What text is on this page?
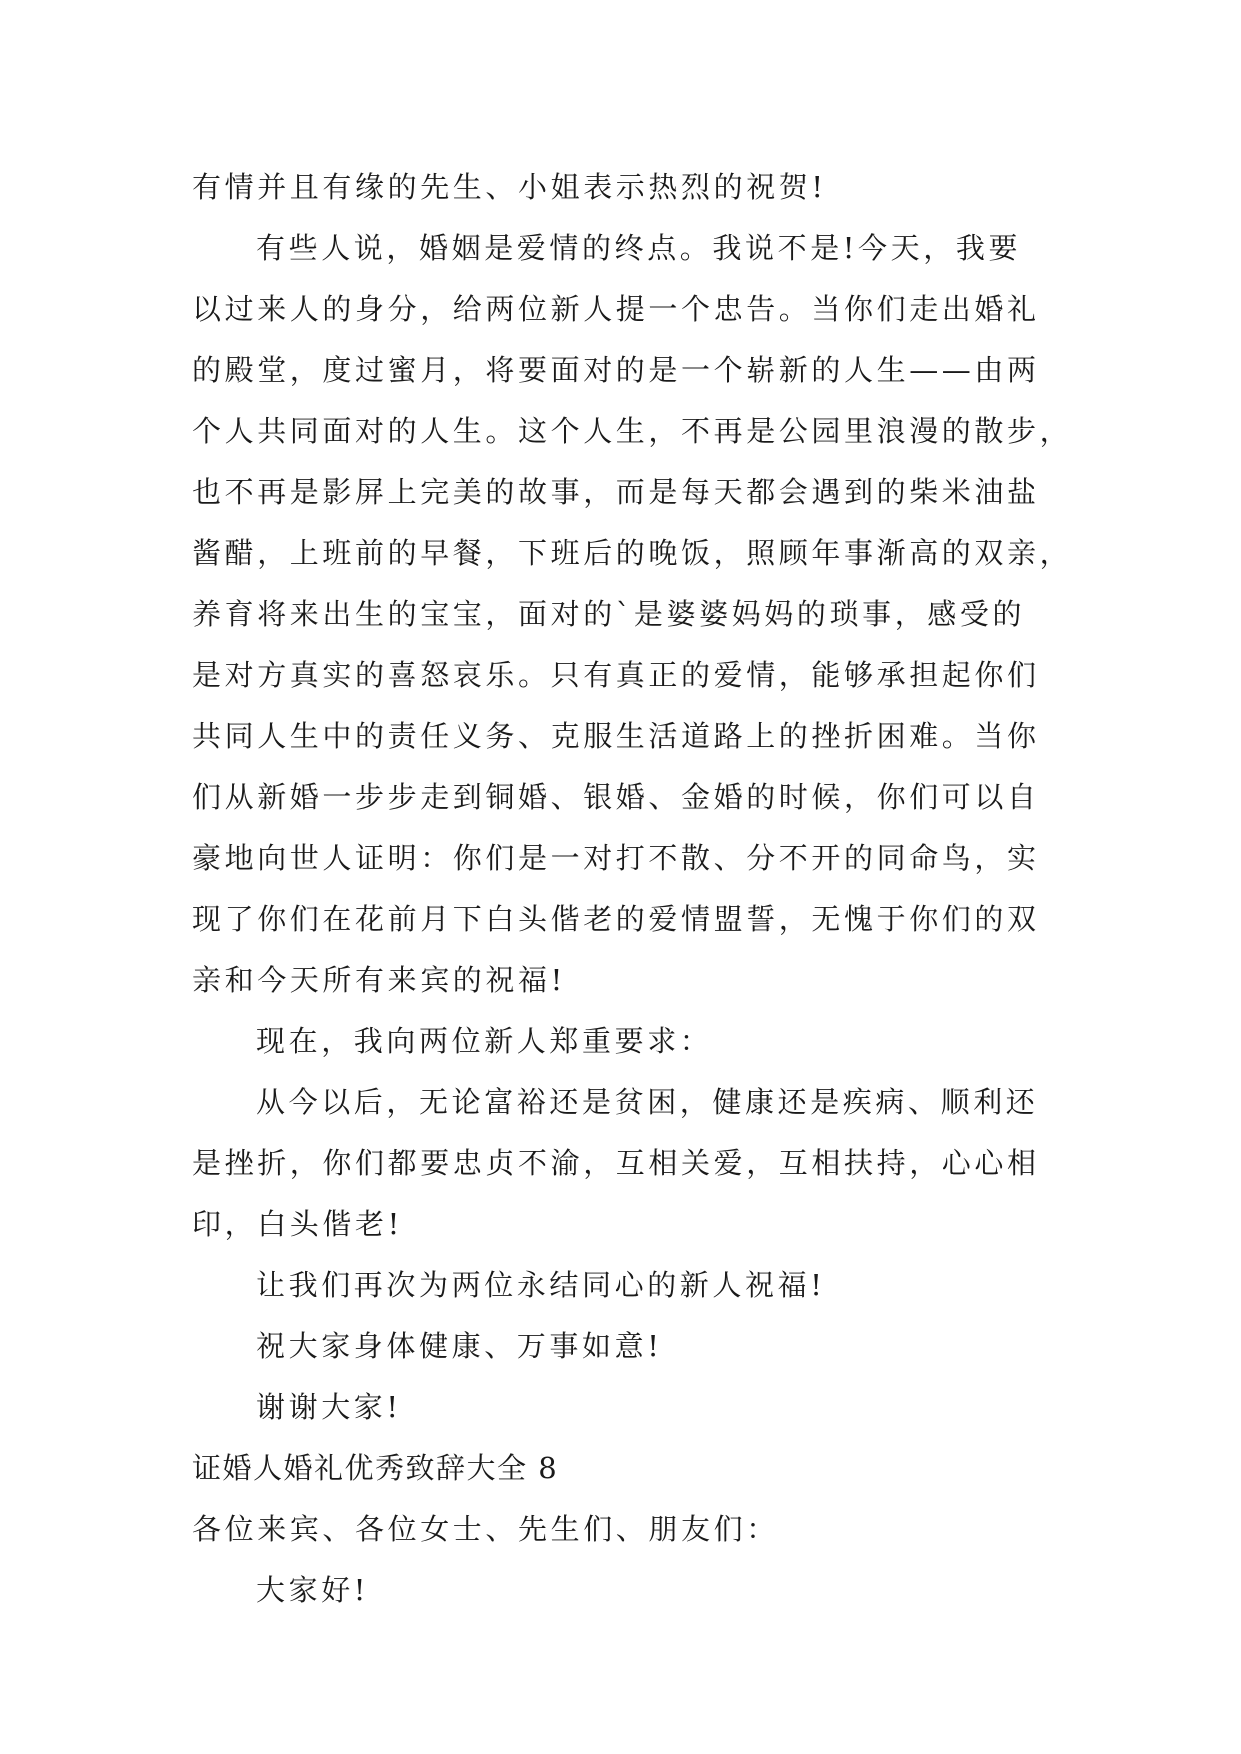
有情并且有缘的先生、小姐表示热烈的祝贺!
有些人说，婚姻是爱情的终点。我说不是!今天，我要
以过来人的身分，给两位新人提一个忠告。当你们走出婚礼
的殿堂，度过蜜月，将要面对的是一个崭新的人生——由两
个人共同面对的人生。这个人生，不再是公园里浪漫的散步，
也不再是影屏上完美的故事，而是每天都会遇到的柴米油盐
酱醋，上班前的早餐，下班后的晚饭，照顾年事渐高的双亲，
养育将来出生的宝宝，面对的`是婆婆妈妈的琐事，感受的
是对方真实的喜怒哀乐。只有真正的爱情，能够承担起你们
共同人生中的责任义务、克服生活道路上的挫折困难。当你
们从新婚一步步走到铜婚、银婚、金婚的时候，你们可以自
豪地向世人证明：你们是一对打不散、分不开的同命鸟，实
现了你们在花前月下白头偕老的爱情盟誓，无愧于你们的双
亲和今天所有来宾的祝福!
现在，我向两位新人郑重要求：
从今以后，无论富裕还是贫困，健康还是疾病、顺利还
是挫折，你们都要忠贞不渝，互相关爱，互相扶持，心心相
印，白头偕老!
让我们再次为两位永结同心的新人祝福!
祝大家身体健康、万事如意!
谢谢大家!
证婚人婚礼优秀致辞大全 8
各位来宾、各位女士、先生们、朋友们：
大家好!
